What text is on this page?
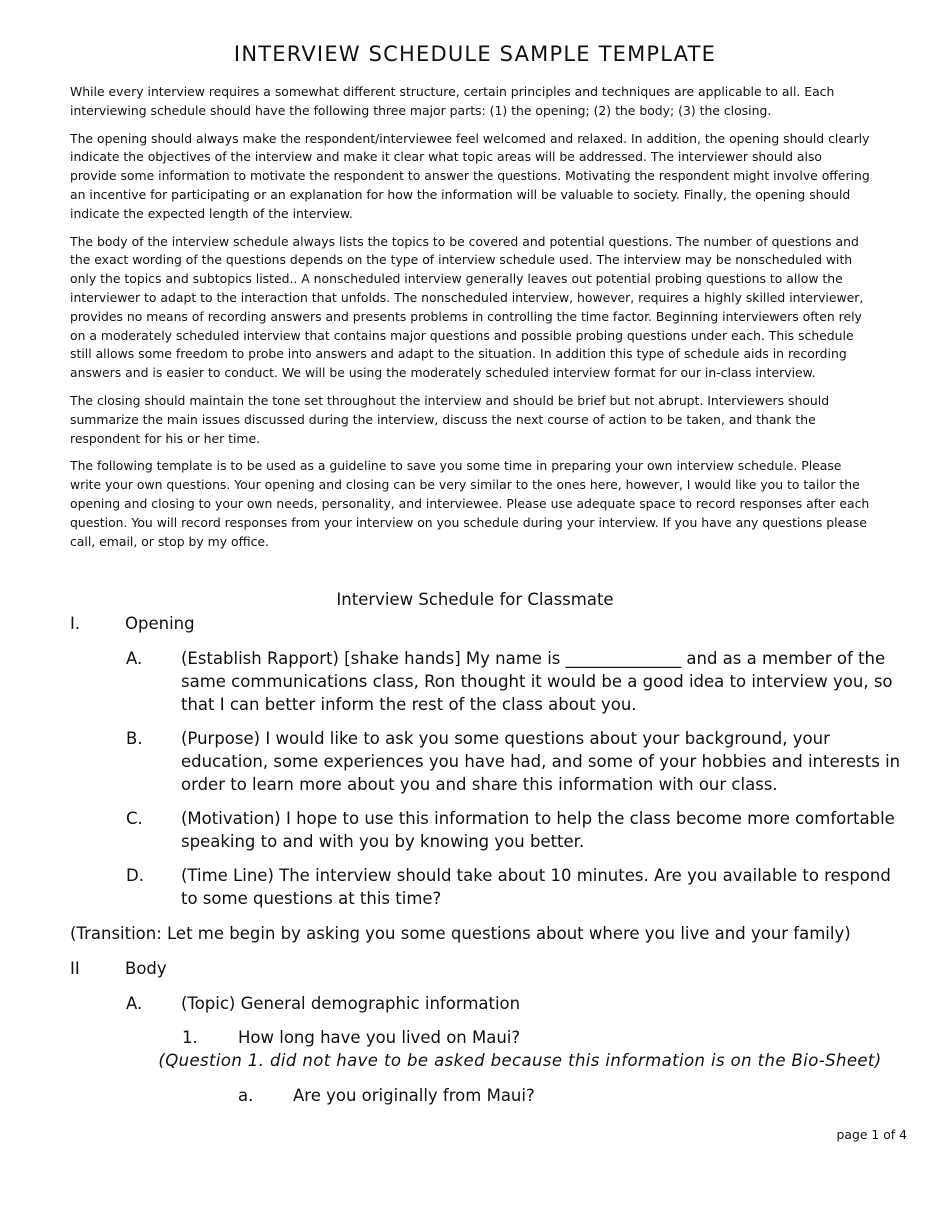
INTERVIEW SCHEDULE SAMPLE TEMPLATE

While every interview requires a somewhat different structure, certain principles and techniques are applicable to all. Each interviewing schedule should have the following three major parts: (1) the opening; (2) the body; (3) the closing.

The opening should always make the respondent/interviewee feel welcomed and relaxed. In addition, the opening should clearly indicate the objectives of the interview and make it clear what topic areas will be addressed. The interviewer should also provide some information to motivate the respondent to answer the questions. Motivating the respondent might involve offering an incentive for participating or an explanation for how the information will be valuable to society. Finally, the opening should indicate the expected length of the interview.

The body of the interview schedule always lists the topics to be covered and potential questions. The number of questions and the exact wording of the questions depends on the type of interview schedule used. The interview may be nonscheduled with only the topics and subtopics listed.. A nonscheduled interview generally leaves out potential probing questions to allow the interviewer to adapt to the interaction that unfolds. The nonscheduled interview, however, requires a highly skilled interviewer, provides no means of recording answers and presents problems in controlling the time factor. Beginning interviewers often rely on a moderately scheduled interview that contains major questions and possible probing questions under each. This schedule still allows some freedom to probe into answers and adapt to the situation. In addition this type of schedule aids in recording answers and is easier to conduct. We will be using the moderately scheduled interview format for our in-class interview.

The closing should maintain the tone set throughout the interview and should be brief but not abrupt. Interviewers should summarize the main issues discussed during the interview, discuss the next course of action to be taken, and thank the respondent for his or her time.

The following template is to be used as a guideline to save you some time in preparing your own interview schedule. Please write your own questions. Your opening and closing can be very similar to the ones here, however, I would like you to tailor the opening and closing to your own needs, personality, and interviewee. Please use adequate space to record responses after each question. You will record responses from your interview on you schedule during your interview. If you have any questions please call, email, or stop by my office.

Interview Schedule for Classmate
I.	Opening
A. (Establish Rapport) [shake hands] My name is ______________ and as a member of the same communications class, Ron thought it would be a good idea to interview you, so that I can better inform the rest of the class about you.
B. (Purpose) I would like to ask you some questions about your background, your education, some experiences you have had, and some of your hobbies and interests in order to learn more about you and share this information with our class.
C. (Motivation) I hope to use this information to help the class become more comfortable speaking to and with you by knowing you better.
D. (Time Line) The interview should take about 10 minutes. Are you available to respond to some questions at this time?
(Transition: Let me begin by asking you some questions about where you live and your family)
II	Body
A. (Topic) General demographic information
1. How long have you lived on Maui?
(Question 1. did not have to be asked because this information is on the Bio-Sheet)
a. Are you originally from Maui?
page 1 of 4
